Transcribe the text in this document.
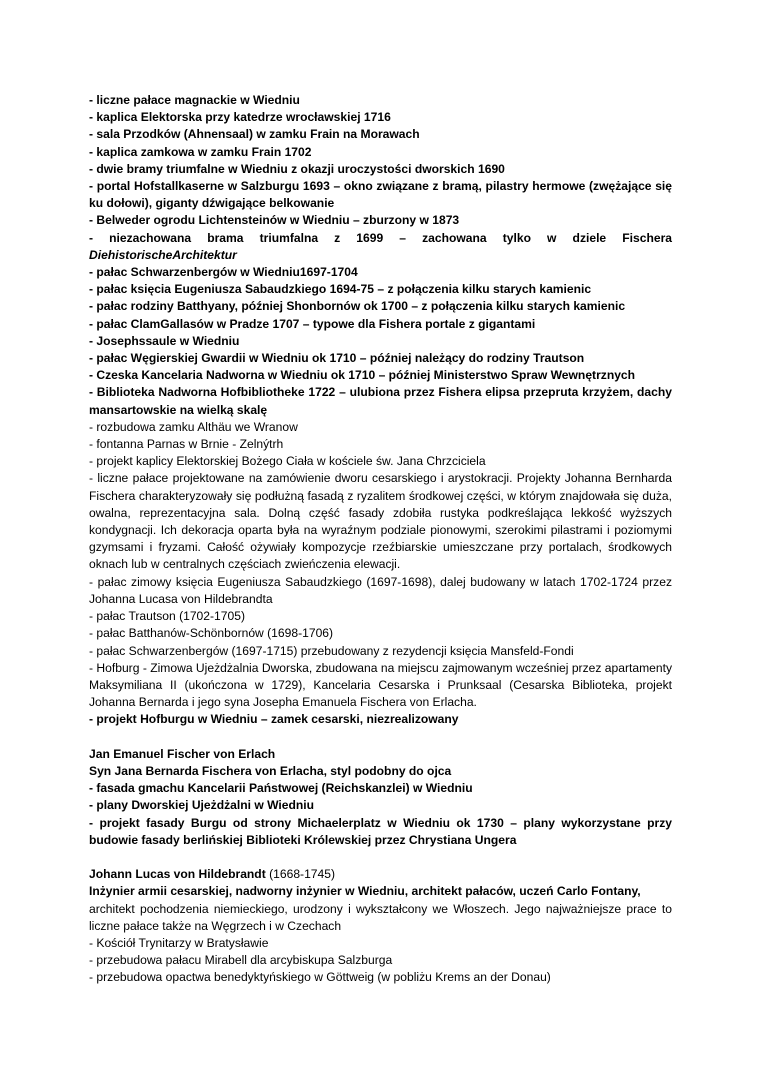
- liczne pałace magnackie w Wiedniu

- kaplica Elektorska przy katedrze wrocławskiej 1716

- sala Przodków (Ahnensaal) w zamku Frain na Morawach

- kaplica zamkowa w zamku Frain 1702

- dwie bramy triumfalne w Wiedniu z okazji uroczystości dworskich 1690

- portal Hofstallkaserne w Salzburgu 1693 – okno związane z bramą, pilastry hermowe (zwężające się ku dołowi), giganty dźwigające belkowanie

- Belweder ogrodu Lichtensteinów w Wiedniu – zburzony w 1873

- niezachowana brama triumfalna z 1699 – zachowana tylko w dziele Fischera

DiehistorischeArchitektur

- pałac Schwarzenbergów w Wiedniu1697-1704

- pałac księcia Eugeniusza Sabaudzkiego 1694-75 – z połączenia kilku starych kamienic

- pałac rodziny Batthyany, później Shonbornów ok 1700 – z połączenia kilku starych kamienic

- pałac ClamGallasów w Pradze 1707 – typowe dla Fishera portale z gigantami

- Josephssaule w Wiedniu

- pałac Węgierskiej Gwardii w Wiedniu ok 1710 – później należący do rodziny Trautson

- Czeska Kancelaria Nadworna w Wiedniu ok 1710 – później Ministerstwo Spraw Wewnętrznych

- Biblioteka Nadworna Hofbibliotheke 1722 – ulubiona przez Fishera elipsa przepruta krzyżem, dachy mansartowskie na wielką skalę

- rozbudowa zamku Althäu we Wranow

- fontanna Parnas w Brnie - Zelnýtrh

- projekt kaplicy Elektorskiej Bożego Ciała w kościele św. Jana Chrzciciela

- liczne pałace projektowane na zamówienie dworu cesarskiego i arystokracji. Projekty Johanna Bernharda Fischera charakteryzowały się podłużną fasadą z ryzalitem środkowej części, w którym znajdowała się duża, owalna, reprezentacyjna sala. Dolną część fasady zdobiła rustyka podkreślająca lekkość wyższych kondygnacji. Ich dekoracja oparta była na wyraźnym podziale pionowymi, szerokimi pilastrami i poziomymi gzymsami i fryzami. Całość ożywiały kompozycje rzeźbiarskie umieszczane przy portalach, środkowych oknach lub w centralnych częściach zwieńczenia elewacji.

- pałac zimowy księcia Eugeniusza Sabaudzkiego (1697-1698), dalej budowany w latach 1702-1724 przez Johanna Lucasa von Hildebrandta

- pałac Trautson (1702-1705)

- pałac Batthanów-Schönbornów (1698-1706)

- pałac Schwarzenbergów (1697-1715) przebudowany z rezydencji księcia Mansfeld-Fondi

- Hofburg - Zimowa Ujeżdżalnia Dworska, zbudowana na miejscu zajmowanym wcześniej przez apartamenty Maksymiliana II (ukończona w 1729), Kancelaria Cesarska i Prunksaal (Cesarska Biblioteka, projekt Johanna Bernarda i jego syna Josepha Emanuela Fischera von Erlacha.

- projekt Hofburgu w Wiedniu – zamek cesarski, niezrealizowany

Jan Emanuel Fischer von Erlach

Syn Jana Bernarda Fischera von Erlacha, styl podobny do ojca

- fasada gmachu Kancelarii Państwowej (Reichskanzlei) w Wiedniu

- plany Dworskiej Ujeżdżalni w Wiedniu

- projekt fasady Burgu od strony Michaelerplatz w Wiedniu ok 1730 – plany wykorzystane przy budowie fasady berlińskiej Biblioteki Królewskiej przez Chrystiana Ungera

Johann Lucas von Hildebrandt (1668-1745)

Inżynier armii cesarskiej, nadworny inżynier w Wiedniu, architekt pałaców, uczeń Carlo Fontany,

architekt pochodzenia niemieckiego, urodzony i wykształcony we Włoszech. Jego najważniejsze prace to liczne pałace także na Węgrzech i w Czechach

- Kościół Trynitarzy w Bratysławie

- przebudowa pałacu Mirabell dla arcybiskupa Salzburga

- przebudowa opactwa benedyktyńskiego w Göttweig (w pobliżu Krems an der Donau)
